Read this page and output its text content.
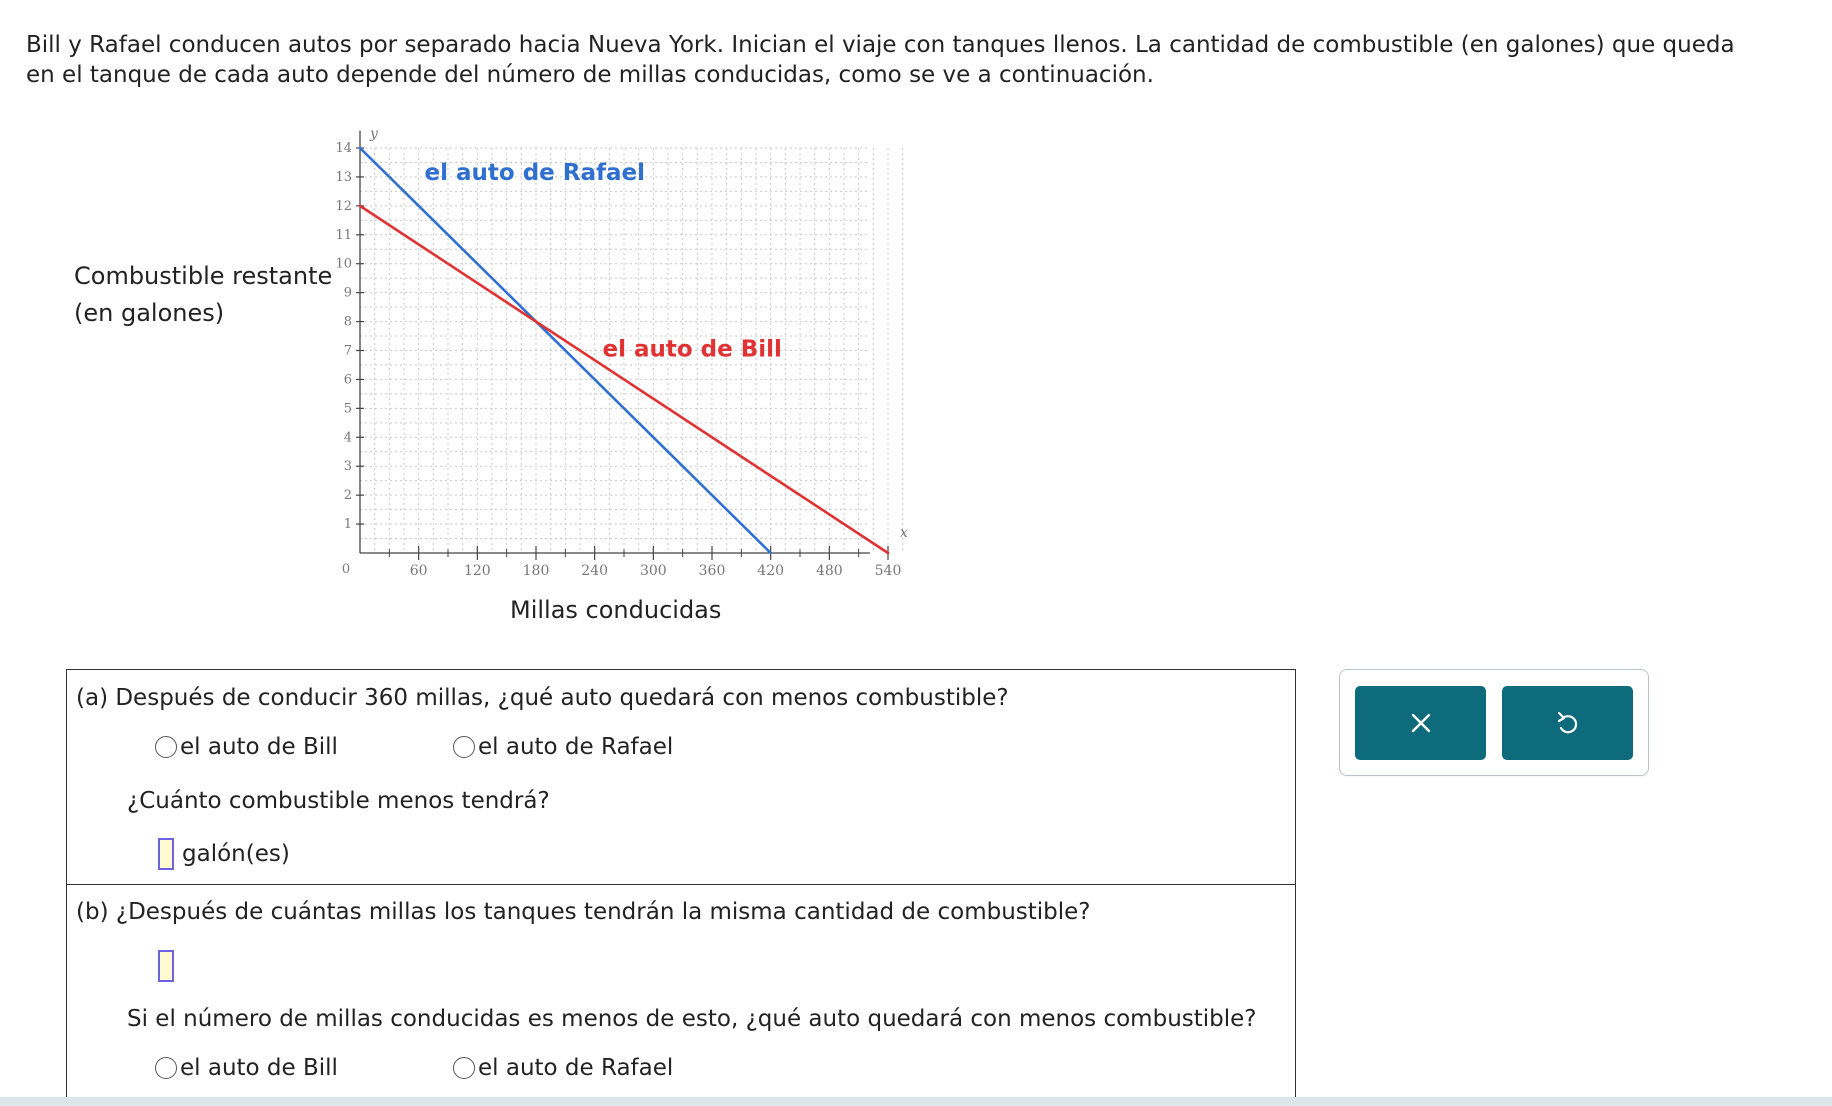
Bill y Rafael conducen autos por separado hacia Nueva York. Inician el viaje con tanques llenos. La cantidad de combustible (en galones) que queda

en el tanque de cada auto depende del número de millas conducidas, como se ve a continuación.

Combustible restante
(en galones)
1
2
3
4
5
6
7
8
9
10
11
12
13
14
60	120 180 240 300 360 420 480 540
0
x
y
el auto de Rafael
el auto de Bill
Millas conducidas
(a) Después de conducir 360 millas, ¿qué auto quedará con menos combustible?
el auto de Bill	el auto de Rafael
¿Cuánto combustible menos tendrá?
galón(es)
(b) ¿Después de cuántas millas los tanques tendrán la misma cantidad de combustible?
Si el número de millas conducidas es menos de esto, ¿qué auto quedará con menos combustible?
el auto de Bill	el auto de Rafael
